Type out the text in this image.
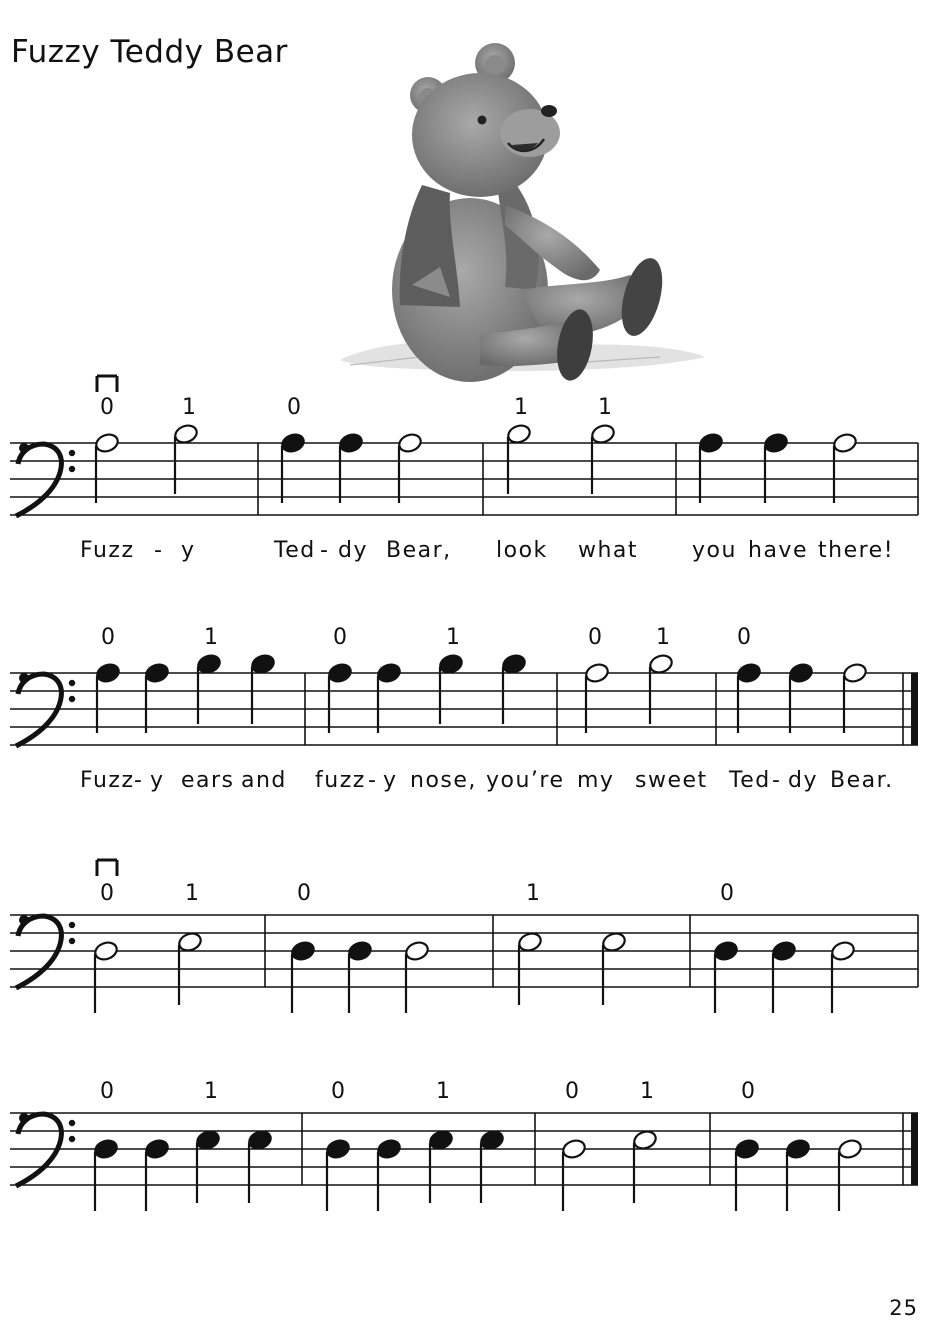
Fuzzy Teddy Bear
0	1	0	1	1
Fuzz - y	Ted - dy Bear, look what you have there!
0	1	0	1	0 1	0
Fuzz - y ears and fuzz - y nose, you’re my sweet Ted - dy Bear.
0	1	0	1	0
0	1	0	1	0	1	0
25
